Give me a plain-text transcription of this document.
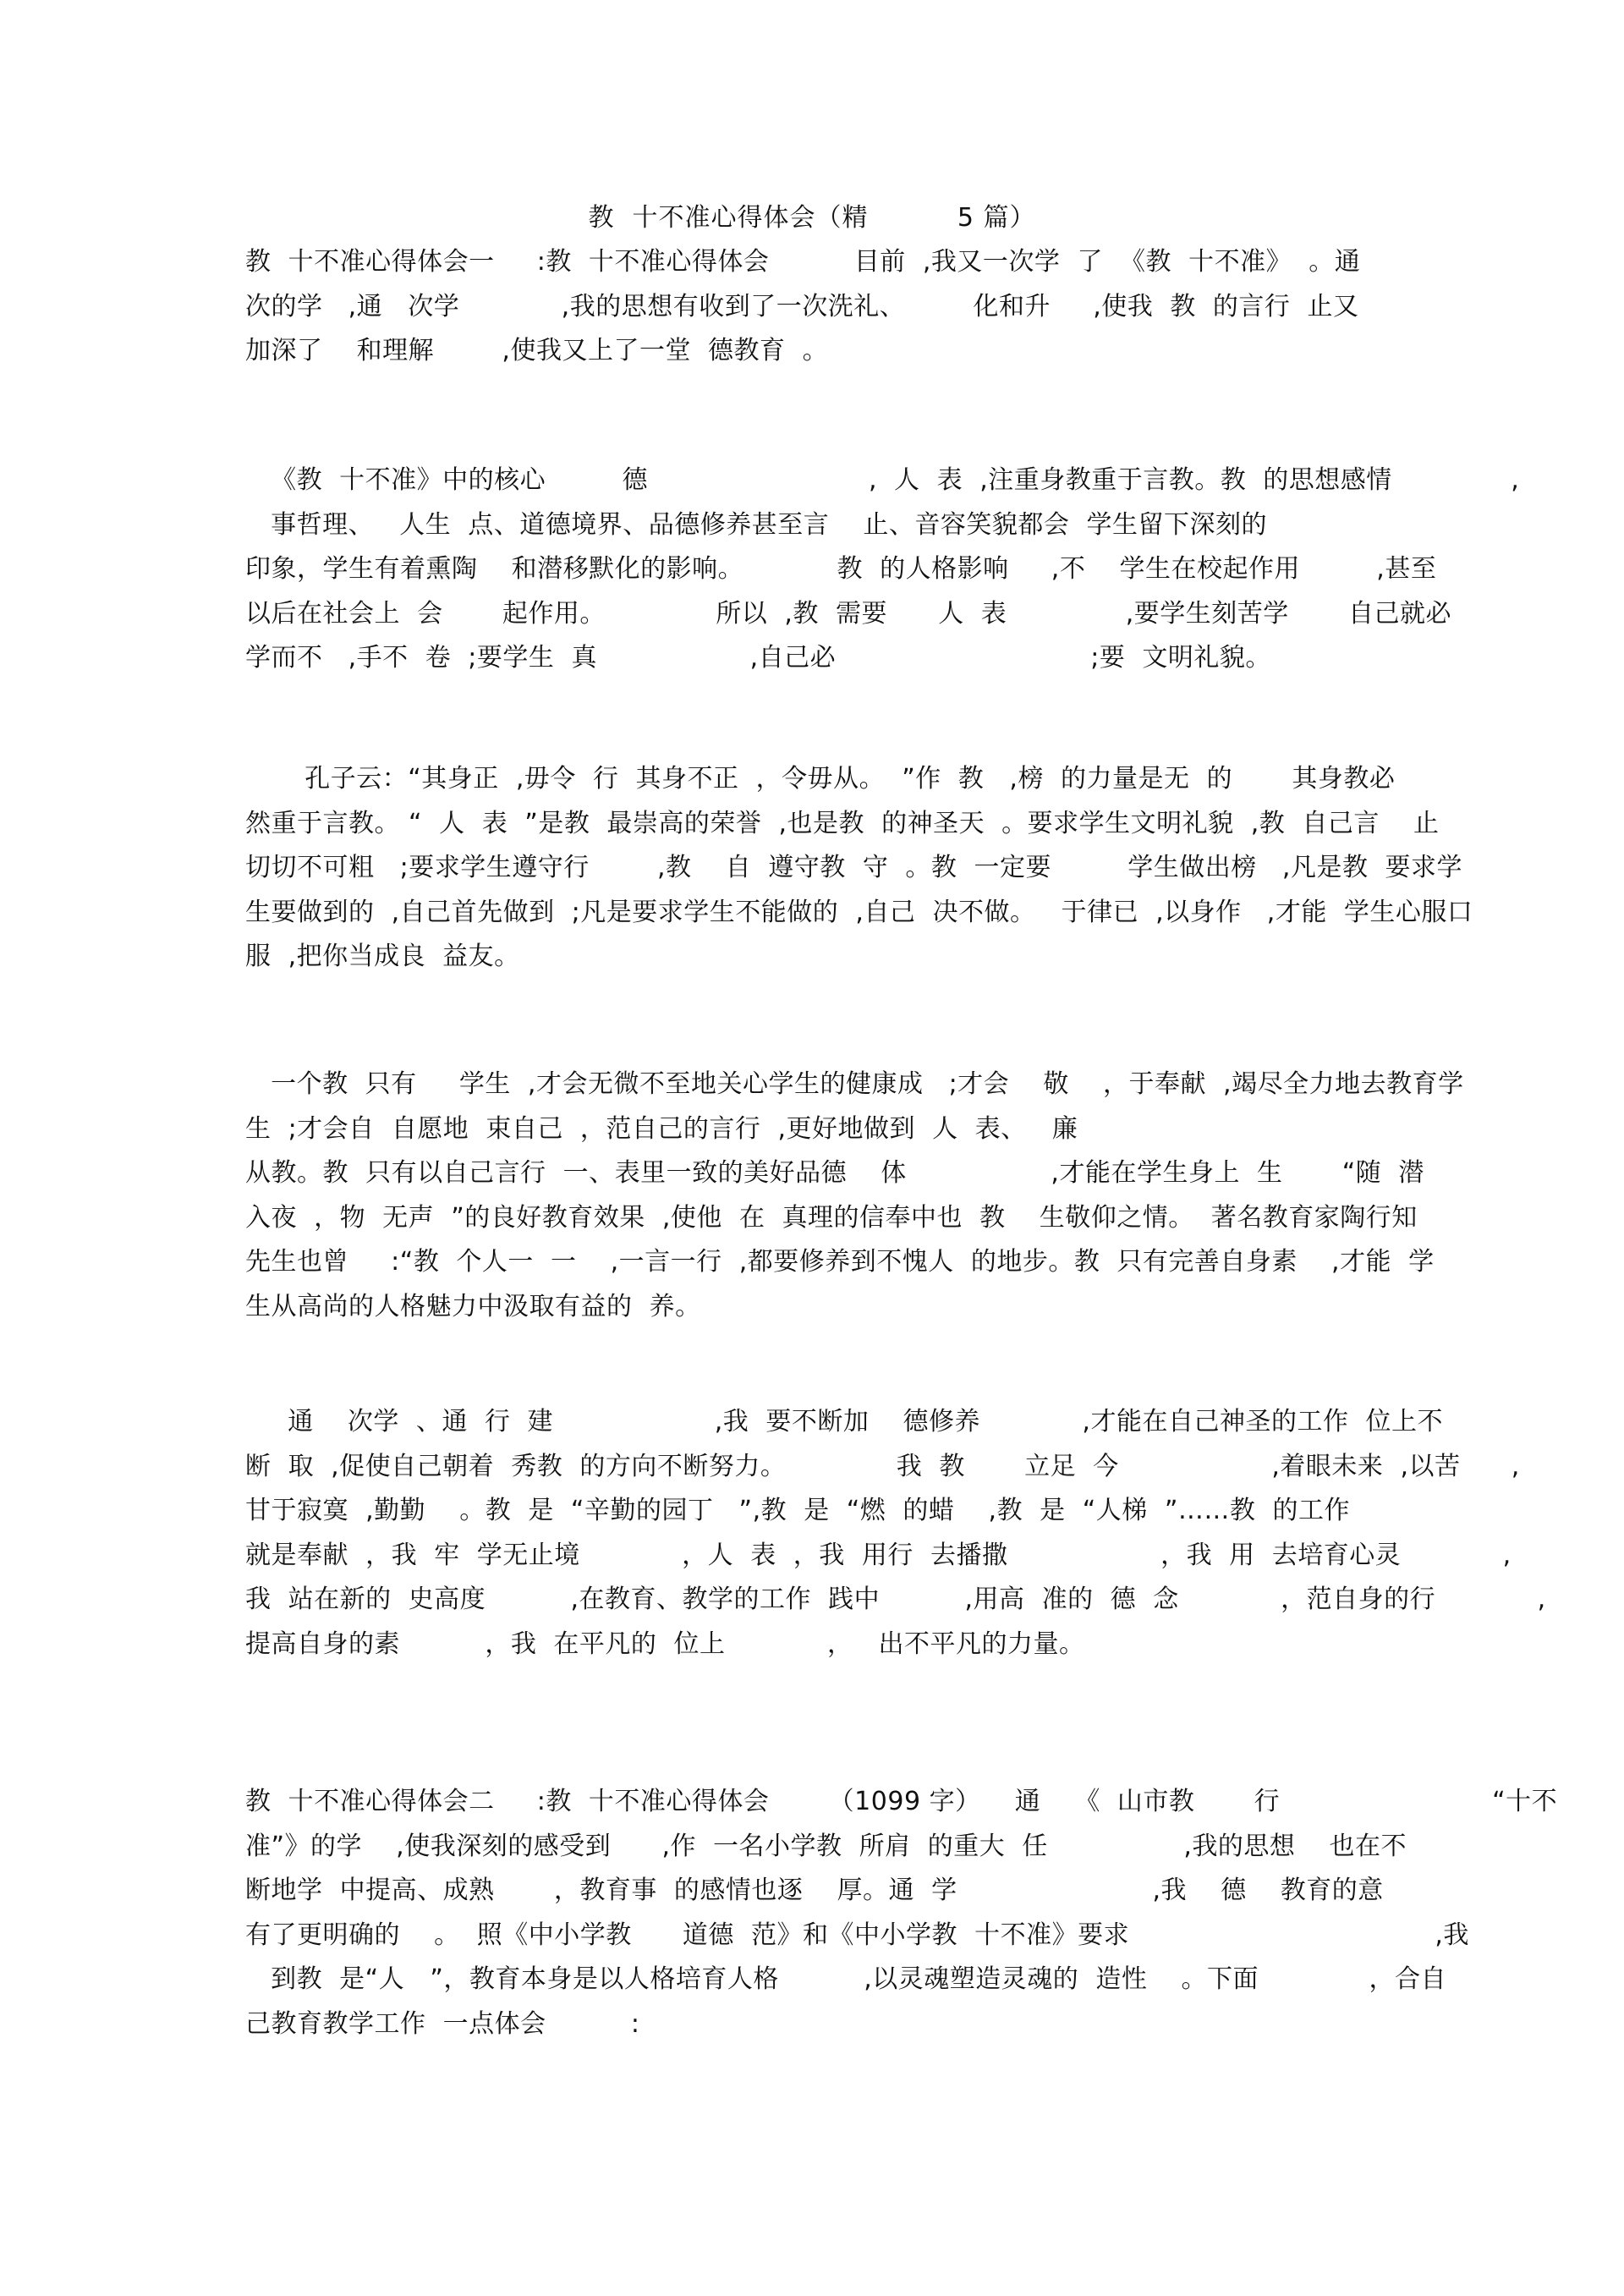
教  十不准心得体会（精          5 篇）
教  十不准心得体会一     :教  十不准心得体会          目前  ,我又一次学  了  《教  十不准》  。通
次的学   ,通   次学            ,我的思想有收到了一次洗礼、        化和升     ,使我  教  的言行  止又
加深了    和理解        ,使我又上了一堂  德教育  。
《教  十不准》中的核心         德                          ,  人  表  ,注重身教重于言教。教  的思想感情              ,
事哲理、   人生  点、道德境界、品德修养甚至言    止、音容笑貌都会  学生留下深刻的
印象，学生有着熏陶    和潜移默化的影响。           教  的人格影响     ,不    学生在校起作用         ,甚至
以后在社会上  会       起作用。             所以  ,教  需要      人  表              ,要学生刻苦学       自己就必
学而不   ,手不  卷  ;要学生  真                  ,自己必                              ;要  文明礼貌。
孔子云：“其身正  ,毋令  行  其身不正  ，令毋从。  ”作  教   ,榜  的力量是无  的       其身教必
然重于言教。 “  人  表  ”是教  最崇高的荣誉  ,也是教  的神圣天  。要求学生文明礼貌  ,教  自己言    止
切切不可粗   ;要求学生遵守行        ,教    自  遵守教  守  。教  一定要         学生做出榜   ,凡是教  要求学
生要做到的  ,自己首先做到  ;凡是要求学生不能做的  ,自己  决不做。   于律已  ,以身作   ,才能  学生心服口
服  ,把你当成良  益友。
一个教  只有     学生  ,才会无微不至地关心学生的健康成   ;才会    敬    ，于奉献  ,竭尽全力地去教育学
生  ;才会自  自愿地  束自己  ，范自己的言行  ,更好地做到  人  表、   廉
从教。教  只有以自己言行  一、表里一致的美好品德    体                 ,才能在学生身上  生       “随  潜
入夜  ，物  无声  ”的良好教育效果  ,使他  在  真理的信奉中也  教    生敬仰之情。  著名教育家陶行知
先生也曾     :“教  个人一  一    ,一言一行  ,都要修养到不愧人  的地步。教  只有完善自身素    ,才能  学
生从高尚的人格魅力中汲取有益的  养。
通    次学  、通  行  建                   ,我  要不断加    德修养            ,才能在自己神圣的工作  位上不
断  取  ,促使自己朝着  秀教  的方向不断努力。             我  教       立足  今                  ,着眼未来  ,以苦      ,
甘于寂寞  ,勤勤    。教  是  “辛勤的园丁   ”,教  是  “燃  的蜡    ,教  是  “人梯  ”……教  的工作
就是奉献  ，我  牢  学无止境            ，人  表  ，我  用行  去播撒                  ，我  用  去培育心灵            ,
我  站在新的  史高度          ,在教育、教学的工作  践中          ,用高  准的  德  念            ，范自身的行            ,
提高自身的素          ，我  在平凡的  位上            ，   出不平凡的力量。
教  十不准心得体会二     :教  十不准心得体会       （1099 字）    通    《  山市教       行                         “十不
准”》的学    ,使我深刻的感受到      ,作  一名小学教  所肩  的重大  任                ,我的思想    也在不
断地学  中提高、成熟       ，教育事  的感情也逐    厚。通  学                       ,我    德    教育的意
有了更明确的    。  照《中小学教      道德  范》和《中小学教  十不准》要求                                    ,我
到教  是“人   ”，教育本身是以人格培育人格          ,以灵魂塑造灵魂的  造性    。下面             ，合自
己教育教学工作  一点体会          :
